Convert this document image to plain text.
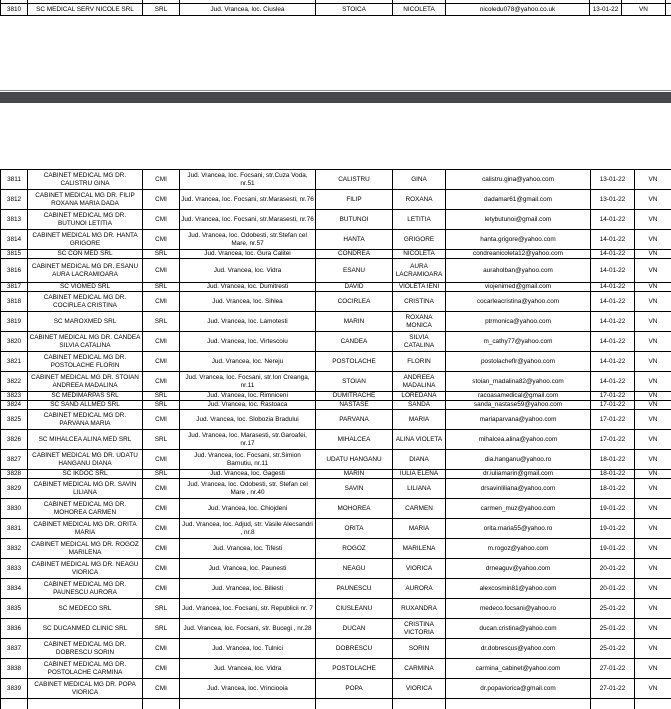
3810	SC MEDICAL SERV NICOLE SRL	SRL	Jud. Vrancea, loc. Ciuslea	STOICA	NICOLETA	nicoledu078@yahoo.co.uk	13-01-22	VN	
3811	CABINET MEDICAL MG DR. CALISTRU GINA	CMI	Jud. Vrancea, loc. Focsani, str.Cuza Voda, nr.51	CALISTRU	GINA	calistru.gina@yahoo.com	13-01-22	VN
3812	CABINET MEDICAL MG DR. FILIP ROXANA MARIA DADA	CMI	Jud. Vrancea, loc. Focsani, str.Marasesti, nr.76	FILIP	ROXANA	dadamar61@gmail.com	13-01-22	VN
3813	CABINET MEDICAL MG DR. BUTUNOI LETITIA	CMI	Jud. Vrancea, loc. Focsani, str.Marasesti, nr.76	BUTUNOI	LETITIA	letybutunoi@gmail.com	14-01-22	VN
3814	CABINET MEDICAL MG DR. HANTA GRIGORE	CMI	Jud. Vrancea, loc. Odobesti, str.Stefan cel Mare, nr.57	HANTA	GRIGORE	hanta.grigore@yahoo.com	14-01-22	VN
3815	SC CON MED SRL	SRL	Jud. Vrancea, loc. Gura Calitei	CONDREA	NICOLETA	condreanicoleta12@yahoo.com	14-01-22	VN
3816	CABINET MEDICAL MG DR. ESANU AURA LACRAMIOARA	CMI	Jud. Vrancea, loc. Vidra	ESANU	AURA LACRAMIOARA	auraholban@yahoo.com	14-01-22	VN
3817	SC VIOMED SRL	SRL	Jud. Vrancea, loc. Dumitresti	DAVID	VIOLETA IENI	viojenimed@gmail.com	14-01-22	VN
3818	CABINET MEDICAL MG DR. COCIRLEA CRISTINA	CMI	Jud. Vrancea, loc. Sihlea	COCIRLEA	CRISTINA	cocarleacristina@yahoo.com	14-01-22	VN
3819	SC MAROXMED SRL	SRL	Jud. Vrancea, loc. Lamotesti	MARIN	ROXANA MONICA	ptrmonica@yahoo.com	14-01-22	VN
3820	CABINET MEDICAL MG DR. CANDEA SILVIA CATALINA	CMI	Jud. Vrancea, loc. Virtescoiu	CANDEA	SILVIA CATALINA	m_cathy77@yahoo.com	14-01-22	VN
3821	CABINET MEDICAL MG DR. POSTOLACHE FLORIN	CMI	Jud. Vrancea, loc. Nereju	POSTOLACHE	FLORIN	postolacheflr@yahoo.com	14-01-22	VN
3822	CABINET MEDICAL MG DR. STOIAN ANDREEA MADALINA	CMI	Jud. Vrancea, loc. Focsani, str.Ion Creanga, nr.11	STOIAN	ANDREEA MADALINA	stoian_madalina82@yahoo.com	14-01-22	VN
3823	SC MEDIMARPAS SRL	SRL	Jud. Vrancea, loc. Rimniceni	DUMITRACHE	LOREDANA	racoasamedical@gmail.com	17-01-22	VN
3824	SC SAND ALLMED SRL	SRL	Jud. Vrancea, loc. Rastoaca	NASTASE	SANDA	sanda_nastase59@yahoo.com	17-01-22	VN
3825	CABINET MEDICAL MG DR. PARVANA MARIA	CMI	Jud. Vrancea, loc. Slobozia Bradului	PARVANA	MARIA	mariaparvana@yahoo.com	17-01-22	VN
3826	SC MIHALCEA ALINA MED SRL	SRL	Jud. Vrancea, loc. Marasesti, str.Garoafei, nr.17	MIHALCEA	ALINA VIOLETA	mihalcea.alina@yahoo.com	17-01-22	VN
3827	CABINET MEDICAL MG DR. UDATU HANGANU DIANA	CMI	Jud. Vrancea, loc. Focsani, str.Simion Barnutiu, nr.11	UDATU HANGANU	DIANA	dia.hanganu@yahoo.ro	18-01-22	VN
3828	SC IKDOC SRL	SRL	Jud. Vrancea, loc. Gagesti	MARIN	IULIA ELENA	dr.iuliamarin@gmail.com	18-01-22	VN
3829	CABINET MEDICAL MG DR. SAVIN LILIANA	CMI	Jud. Vrancea, loc. Odobesti, str. Stefan cel Mare , nr.40	SAVIN	LILIANA	drsavinliliana@yahoo.com	18-01-22	VN
3830	CABINET MEDICAL MG DR. MOHOREA CARMEN	CMI	Jud. Vrancea, loc. Chiojdeni	MOHOREA	CARMEN	carmen_muz@yahoo.com	19-01-22	VN
3831	CABINET MEDICAL MG DR. ORITA MARIA	CMI	Jud. Vrancea, loc. Adjud, str. Vasile Alecsandri , nr.8	ORITA	MARIA	orita.maria55@yahoo.ro	19-01-22	VN
3832	CABINET MEDICAL MG DR. ROGOZ MARILENA	CMI	Jud. Vrancea, loc. Tifesti	ROGOZ	MARILENA	m.rogoz@yahoo.com	19-01-22	VN
3833	CABINET MEDICAL MG DR. NEAGU VIORICA	CMI	Jud. Vrancea, loc. Paunesti	NEAGU	VIORICA	drneaguv@yahoo.com	20-01-22	VN
3834	CABINET MEDICAL MG DR. PAUNESCU AURORA	CMI	Jud. Vrancea, loc. Biliesti	PAUNESCU	AURORA	alexcosmin81@yahoo.com	20-01-22	VN
3835	SC MEDECO SRL	SRL	Jud. Vrancea, loc. Focsani, str. Republicii nr. 7	CIUSLEANU	RUXANDRA	medeco.focsani@yahoo.ro	25-01-22	VN
3836	SC DUCANMED CLINIC SRL	SRL	Jud. Vrancea, loc. Focsani, str. Bucegi , nr.28	DUCAN	CRISTINA VICTORIA	ducan.cristina@yahoo.com	25-01-22	VN
3837	CABINET MEDICAL MG DR. DOBRESCU SORIN	CMI	Jud. Vrancea, loc. Tulnici	DOBRESCU	SORIN	dr.dobrescus@yahoo.com	25-01-22	VN
3838	CABINET MEDICAL MG DR. POSTOLACHE CARMINA	CMI	Jud. Vrancea, loc. Vidra	POSTOLACHE	CARMINA	carmina_cabinet@yahoo.com	27-01-22	VN
3839	CABINET MEDICAL MG DR. POPA VIORICA	CMI	Jud. Vrancea, loc. Vrinciooia	POPA	VIORICA	dr.popaviorica@gmail.com	27-01-22	VN
